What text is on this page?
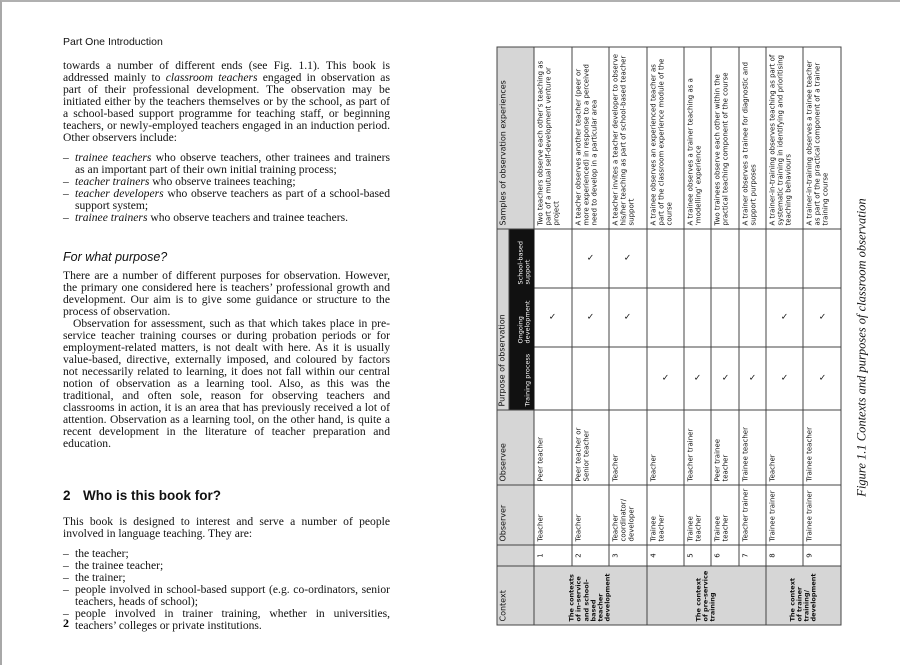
Part One Introduction

towards a number of different ends (see Fig. 1.1). This book is addressed mainly to classroom teachers engaged in observation as part of their professional development. The observation may be initiated either by the teachers themselves or by the school, as part of a school-based support programme for teaching staff, or beginning teachers, or newly-employed teachers engaged in an induction period. Other observers include:

– trainee teachers who observe teachers, other trainees and trainers as an important part of their own initial training process;
– teacher trainers who observe trainees teaching;
– teacher developers who observe teachers as part of a school-based support system;
– trainee trainers who observe teachers and trainee teachers.
For what purpose?

There are a number of different purposes for observation. However, the primary one considered here is teachers’ professional growth and development. Our aim is to give some guidance or structure to the process of observation.

Observation for assessment, such as that which takes place in pre-service teacher training courses or during probation periods or for employment-related matters, is not dealt with here. As it is usually value-based, directive, externally imposed, and coloured by factors not necessarily related to learning, it does not fall within our central notion of observation as a learning tool. Also, as this was the traditional, and often sole, reason for observing teachers and classrooms in action, it is an area that has previously received a lot of attention. Observation as a learning tool, on the other hand, is quite a recent development in the literature of teacher preparation and education.

2 Who is this book for?

This book is designed to interest and serve a number of people involved in language teaching. They are:

– the teacher;
– the trainee teacher;
– the trainer;
– people involved in school-based support (e.g. co-ordinators, senior teachers, heads of school);
– people involved in trainer training, whether in universities, teachers’ colleges or private institutions.
2
Context		Observer	Observee	Purpose of observation			Samples of observation experiences
				Training process	Ongoing development	School-based support	
The contexts of in-service and school-based teacher development	1	Teacher	Peer teacher		✓		Two teachers observe each other’s teaching as part of a mutual self-development venture or project
	2	Teacher	Peer teacher or Senior teacher		✓	✓	A teacher observes another teacher (peer or more experienced) in response to a perceived need to develop in a particular area
	3	Teacher coordinator/ developer	Teacher		✓	✓	A teacher invites a teacher developer to observe his/her teaching as part of school-based teacher support
The context of pre-service training	4	Trainee teacher	Teacher	✓			A trainee observes an experienced teacher as part of the classroom experience module of the course
	5	Trainee teacher	Teacher trainer	✓			A trainee observes a trainer teaching as a ‘modelling’ experience
	6	Trainee teacher	Peer trainee teacher	✓			Two trainees observe each other within the practical teaching component of the course
	7	Teacher trainer	Trainee teacher	✓			A trainer observes a trainee for diagnostic and support purposes
The context of trainer training/ development	8	Trainee trainer	Teacher	✓	✓		A trainer-in-training observes teaching as part of systematic training in identifying and prioritising teaching behaviours
	9	Trainee trainer	Trainee teacher	✓	✓		A trainer-in-training observes a trainee teacher as part of the practical component of a trainer training course Figure 1.1 Contexts and purposes of classroom observation
